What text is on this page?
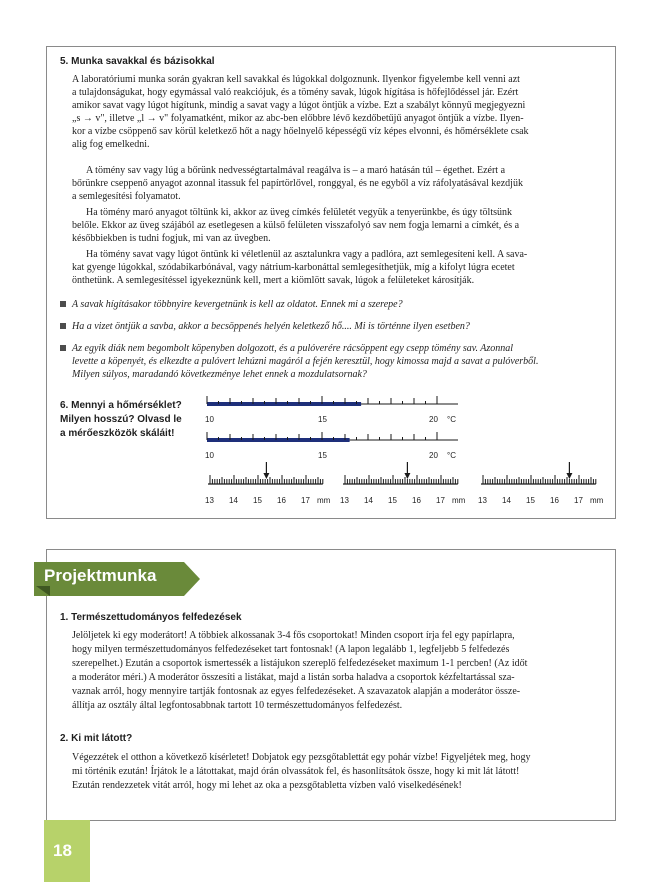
5. Munka savakkal és bázisokkal
A laboratóriumi munka során gyakran kell savakkal és lúgokkal dolgoznunk. Ilyenkor figyelembe kell venni azt
a tulajdonságukat, hogy egymással való reakciójuk, és a tömény savak, lúgok hígítása is hőfejlődéssel jár. Ezért
amikor savat vagy lúgot hígítunk, mindig a savat vagy a lúgot öntjük a vízbe. Ezt a szabályt könnyű megjegyezni
„s → v", illetve „l → v" folyamatként, mikor az abc-ben előbbre lévő kezdőbetűjű anyagot öntjük a vízbe. Ilyen-
kor a vízbe csöppenő sav körül keletkező hőt a nagy hőelnyelő képességű víz képes elvonni, és hőmérséklete csak
alig fog emelkedni.
A tömény sav vagy lúg a bőrünk nedvességtartalmával reagálva is – a maró hatásán túl – égethet. Ezért a
bőrünkre cseppenő anyagot azonnal itassuk fel papírtörlővel, ronggyal, és ne egyből a víz ráfolyatásával kezdjük
a semlegesítési folyamatot.
Ha tömény maró anyagot töltünk ki, akkor az üveg címkés felületét vegyük a tenyerünkbe, és úgy töltsünk
belőle. Ekkor az üveg szájából az esetlegesen a külső felületen visszafolyó sav nem fogja lemarni a címkét, és a
későbbiekben is tudni fogjuk, mi van az üvegben.
Ha tömény savat vagy lúgot öntünk ki véletlenül az asztalunkra vagy a padlóra, azt semlegesíteni kell. A sava-
kat gyenge lúgokkal, szódabikarbónával, vagy nátrium-karbonáttal semlegesíthetjük, míg a kifolyt lúgra ecetet
önthetünk. A semlegesítéssel igyekeznünk kell, mert a kiömlött savak, lúgok a felületeket károsítják.
A savak hígításakor többnyire kevergetnünk is kell az oldatot. Ennek mi a szerepe?
Ha a vizet öntjük a savba, akkor a becsöppenés helyén keletkező hő.... Mi is történne ilyen esetben?
Az egyik diák nem begombolt köpenyben dolgozott, és a pulóverére rácsöppent egy csepp tömény sav. Azonnal
levette a köpenyét, és elkezdte a pulóvert lehúzni magáról a fején keresztül, hogy kimossa majd a savat a pulóverből.
Milyen súlyos, maradandó következménye lehet ennek a mozdulatsornak?
6. Mennyi a hőmérséklet?
Milyen hosszú? Olvasd le
a mérőeszközök skáláit!
10	15	20 °C
10	15	20 °C
13 14 15 16 17 mm 13 14 15 16 17 mm 13 14 15 16 17 mm
Projektmunka
1. Természettudományos felfedezések
Jelöljetek ki egy moderátort! A többiek alkossanak 3-4 fős csoportokat! Minden csoport írja fel egy papírlapra,
hogy milyen természettudományos felfedezéseket tart fontosnak! (A lapon legalább 1, legfeljebb 5 felfedezés
szerepelhet.) Ezután a csoportok ismertessék a listájukon szereplő felfedezéseket maximum 1-1 percben! (Az időt
a moderátor méri.) A moderátor összesíti a listákat, majd a listán sorba haladva a csoportok kézfeltartással sza-
vaznak arról, hogy mennyire tartják fontosnak az egyes felfedezéseket. A szavazatok alapján a moderátor össze-
állítja az osztály által legfontosabbnak tartott 10 természettudományos felfedezést.
2. Ki mit látott?
Végezzétek el otthon a következő kísérletet! Dobjatok egy pezsgőtablettát egy pohár vízbe! Figyeljétek meg, hogy
mi történik ezután! Írjátok le a látottakat, majd órán olvassátok fel, és hasonlítsátok össze, hogy ki mit lát látott!
Ezután rendezzetek vitát arról, hogy mi lehet az oka a pezsgőtabletta vízben való viselkedésének!
18
